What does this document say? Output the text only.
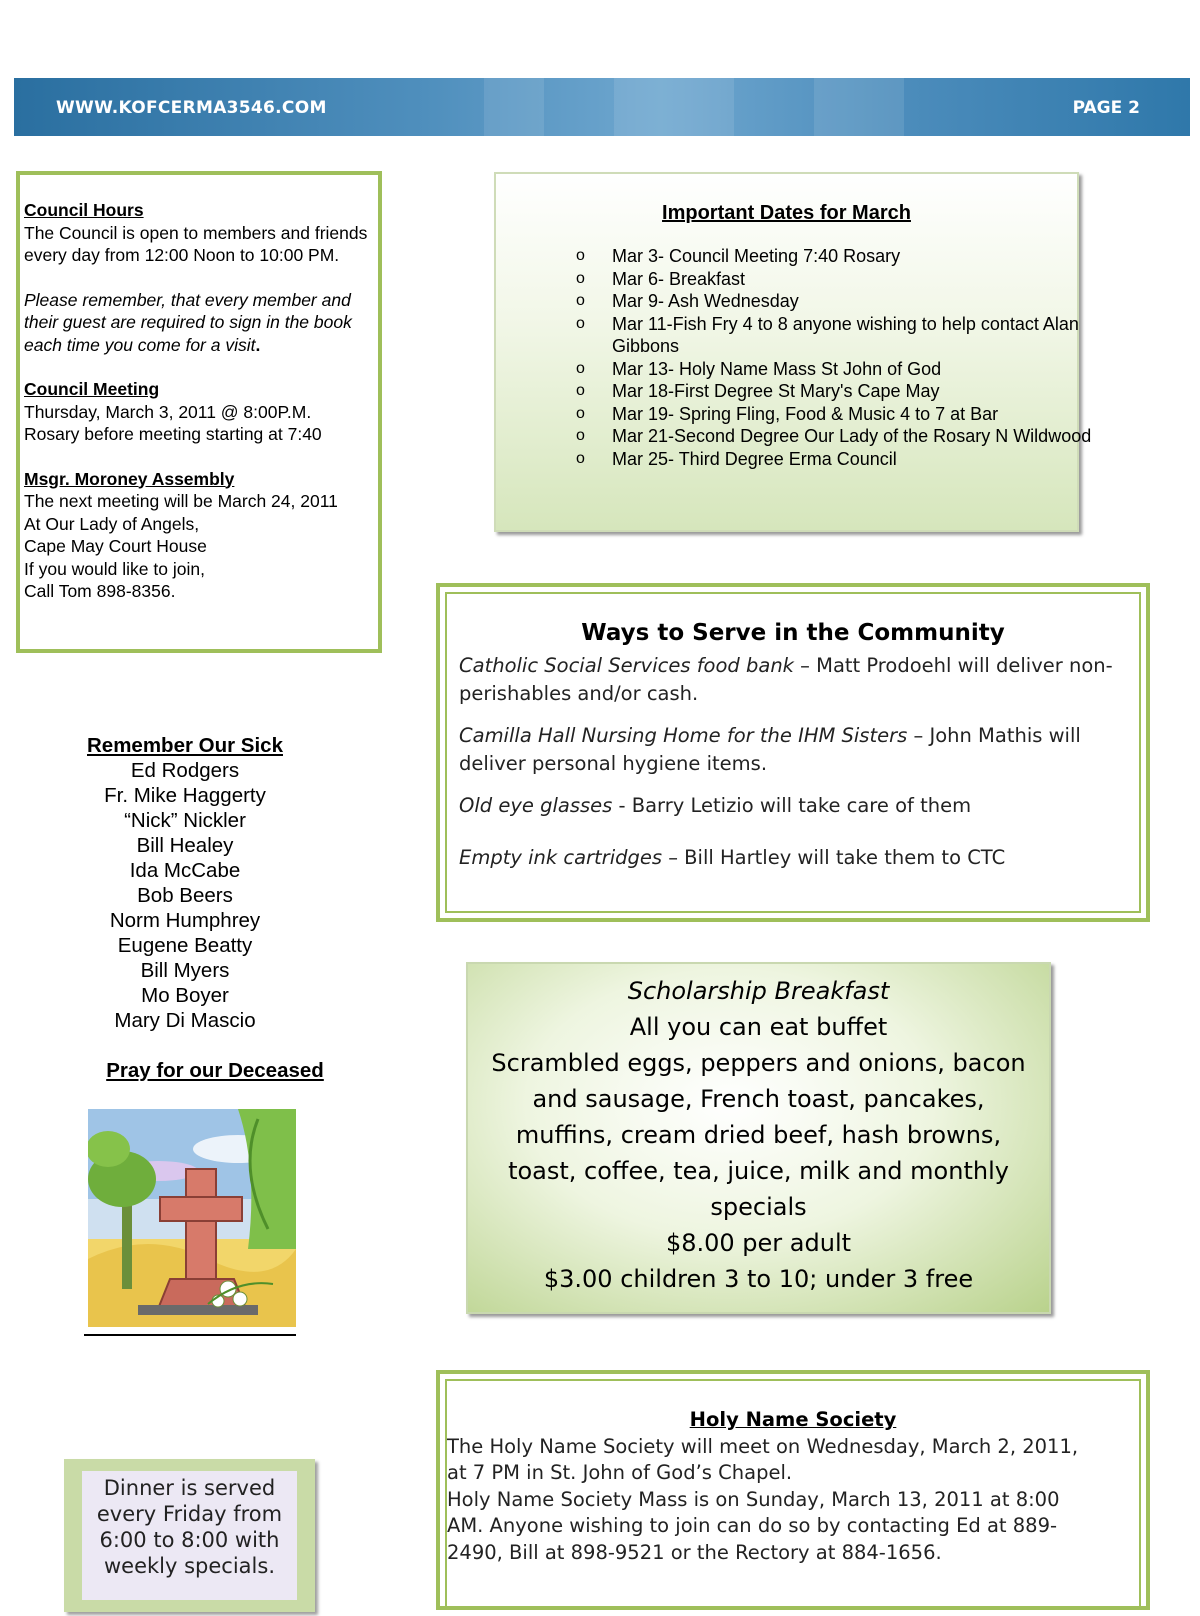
WWW.KOFCERMA3546.COM	PAGE 2

Council Hours

The Council is open to members and friends every day from 12:00 Noon to 10:00 PM.

Please remember, that every member and their guest are required to sign in the book each time you come for a visit.

Council Meeting

Thursday, March 3, 2011 @ 8:00P.M.

Rosary before meeting starting at 7:40

Msgr. Moroney Assembly

The next meeting will be March 24, 2011

At Our Lady of Angels,

Cape May Court House

If you would like to join,

Call Tom 898-8356.

Important Dates for March
o Mar 3- Council Meeting 7:40 Rosary
o Mar 6- Breakfast
o Mar 9- Ash Wednesday
o Mar 11-Fish Fry 4 to 8 anyone wishing to help contact Alan Gibbons
o Mar 13- Holy Name Mass St John of God
o Mar 18-First Degree St Mary's Cape May
o Mar 19- Spring Fling, Food & Music 4 to 7 at Bar
o Mar 21-Second Degree Our Lady of the Rosary N Wildwood
o Mar 25- Third Degree Erma Council
Ways to Serve in the Community

Catholic Social Services food bank – Matt Prodoehl will deliver non-perishables and/or cash.

Camilla Hall Nursing Home for the IHM Sisters – John Mathis will deliver personal hygiene items.

Old eye glasses - Barry Letizio will take care of them

Empty ink cartridges – Bill Hartley will take them to CTC

Remember Our Sick
Ed Rodgers
Fr. Mike Haggerty
“Nick” Nickler
Bill Healey
Ida McCabe
Bob Beers
Norm Humphrey
Eugene Beatty
Bill Myers
Mo Boyer
Mary Di Mascio
Pray for our Deceased

Scholarship Breakfast

All you can eat buffet

Scrambled eggs, peppers and onions, bacon

and sausage, French toast, pancakes,

muffins, cream dried beef, hash browns,

toast, coffee, tea, juice, milk and monthly

specials

$8.00 per adult

$3.00 children 3 to 10; under 3 free

Dinner is served
every Friday from
6:00 to 8:00 with
weekly specials.
Holy Name Society

The Holy Name Society will meet on Wednesday, March 2, 2011,

at 7 PM in St. John of God’s Chapel.

Holy Name Society Mass is on Sunday, March 13, 2011 at 8:00

AM. Anyone wishing to join can do so by contacting Ed at 889-

2490, Bill at 898-9521 or the Rectory at 884-1656.
